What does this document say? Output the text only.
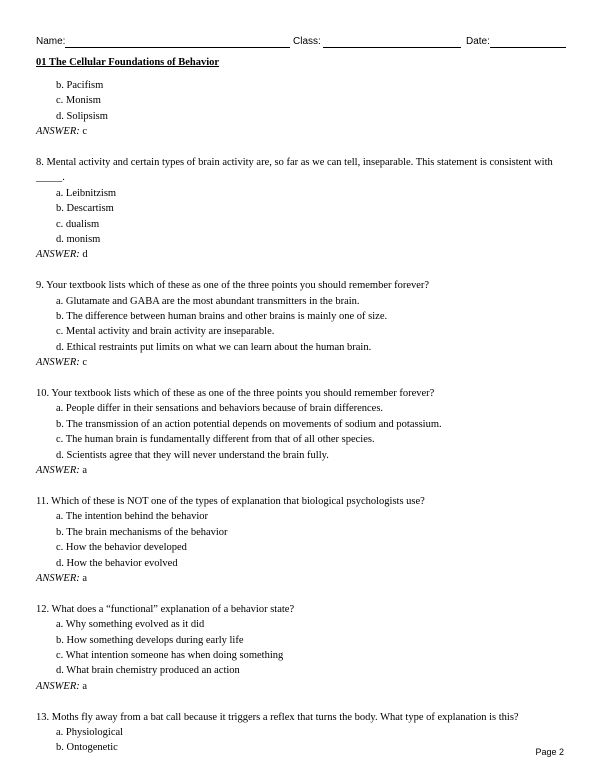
Name:	Class:	Date:
01 The Cellular Foundations of Behavior

b. Pacifism

c. Monism

d. Solipsism

ANSWER: c

8. Mental activity and certain types of brain activity are, so far as we can tell, inseparable. This statement is consistent with _____.

a. Leibnitzism

b. Descartism

c. dualism

d. monism

ANSWER: d

9. Your textbook lists which of these as one of the three points you should remember forever?

a. Glutamate and GABA are the most abundant transmitters in the brain.

b. The difference between human brains and other brains is mainly one of size.

c. Mental activity and brain activity are inseparable.

d. Ethical restraints put limits on what we can learn about the human brain.

ANSWER: c

10. Your textbook lists which of these as one of the three points you should remember forever?

a. People differ in their sensations and behaviors because of brain differences.

b. The transmission of an action potential depends on movements of sodium and potassium.

c. The human brain is fundamentally different from that of all other species.

d. Scientists agree that they will never understand the brain fully.

ANSWER: a

11. Which of these is NOT one of the types of explanation that biological psychologists use?

a. The intention behind the behavior

b. The brain mechanisms of the behavior

c. How the behavior developed

d. How the behavior evolved

ANSWER: a

12. What does a “functional” explanation of a behavior state?

a. Why something evolved as it did

b. How something develops during early life

c. What intention someone has when doing something

d. What brain chemistry produced an action

ANSWER: a

13. Moths fly away from a bat call because it triggers a reflex that turns the body. What type of explanation is this?

a. Physiological

b. Ontogenetic	Page 2
